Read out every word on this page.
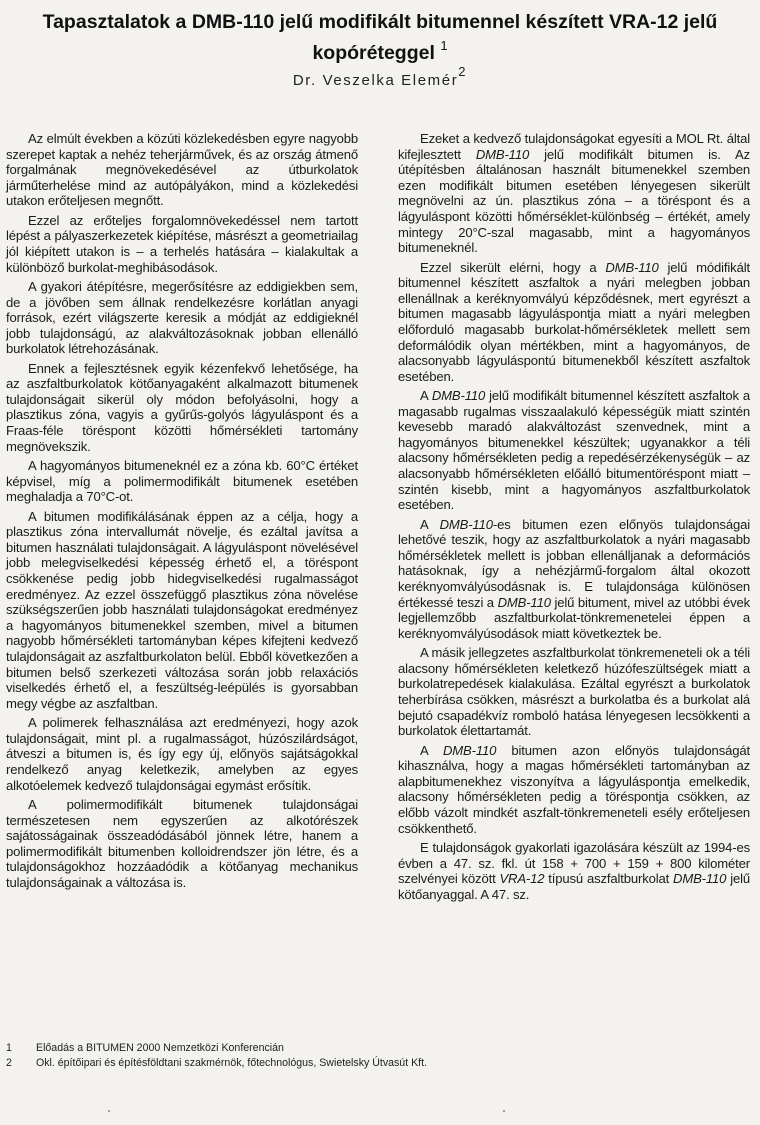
Tapasztalatok a DMB-110 jelű modifikált bitumennel készített VRA-12 jelű kopóréteggel $^1$
Dr. Veszelka Elemér$^2$

Az elmúlt években a közúti közlekedésben egyre nagyobb szerepet kaptak a nehéz teherjárművek, és az ország átmenő forgalmának megnövekedésével az útburkolatok járműterhelése mind az autópályákon, mind a közlekedési utakon erőteljesen megnőtt.

Ezzel az erőteljes forgalomnövekedéssel nem tartott lépést a pályaszerkezetek kiépítése, másrészt a geometriailag jól kiépített utakon is – a terhelés hatására – kialakultak a különböző burkolat-meghibásodások.

A gyakori átépítésre, megerősítésre az eddigiekben sem, de a jövőben sem állnak rendelkezésre korlátlan anyagi források, ezért világszerte keresik a módját az eddigieknél jobb tulajdonságú, az alakváltozásoknak jobban ellenálló burkolatok létrehozásának.

Ennek a fejlesztésnek egyik kézenfekvő lehetősége, ha az aszfaltburkolatok kötőanyagaként alkalmazott bitumenek tulajdonságait sikerül oly módon befolyásolni, hogy a plasztikus zóna, vagyis a gyűrűs-golyós lágyuláspont és a Fraas-féle töréspont közötti hőmérsékleti tartomány megnövekszik.

A hagyományos bitumeneknél ez a zóna kb. 60°C értéket képvisel, míg a polimermodifikált bitumenek esetében meghaladja a 70°C-ot.

A bitumen modifikálásának éppen az a célja, hogy a plasztikus zóna intervallumát növelje, és ezáltal javítsa a bitumen használati tulajdonságait. A lágyuláspont növelésével jobb melegviselkedési képesség érhető el, a töréspont csökkenése pedig jobb hidegviselkedési rugalmasságot eredményez. Az ezzel összefüggő plasztikus zóna növelése szükségszerűen jobb használati tulajdonságokat eredményez a hagyományos bitumenekkel szemben, mivel a bitumen nagyobb hőmérsékleti tartományban képes kifejteni kedvező tulajdonságait az aszfaltburkolaton belül. Ebből következően a bitumen belső szerkezeti változása során jobb relaxációs viselkedés érhető el, a feszültség-leépülés is gyorsabban megy végbe az aszfaltban.

A polimerek felhasználása azt eredményezi, hogy azok tulajdonságait, mint pl. a rugalmasságot, húzószilárdságot, átveszi a bitumen is, és így egy új, előnyös sajátságokkal rendelkező anyag keletkezik, amelyben az egyes alkotóelemek kedvező tulajdonságai egymást erősítik.

A polimermodifikált bitumenek tulajdonságai természetesen nem egyszerűen az alkotórészek sajátosságainak összeadódásából jönnek létre, hanem a polimermodifikált bitumenben kolloidrendszer jön létre, és a tulajdonságokhoz hozzáadódik a kötőanyag mechanikus tulajdonságainak a változása is.

Ezeket a kedvező tulajdonságokat egyesíti a MOL Rt. által kifejlesztett DMB-110 jelű modifikált bitumen is. Az útépítésben általánosan használt bitumenekkel szemben ezen modifikált bitumen esetében lényegesen sikerült megnövelni az ún. plasztikus zóna – a töréspont és a lágyuláspont közötti hőmérséklet-különbség – értékét, amely mintegy 20°C-szal magasabb, mint a hagyományos bitumeneknél.

Ezzel sikerült elérni, hogy a DMB-110 jelű módifikált bitumennel készített aszfaltok a nyári melegben jobban ellenállnak a keréknyomvályú képződésnek, mert egyrészt a bitumen magasabb lágyuláspontja miatt a nyári melegben előforduló magasabb burkolat-hőmérsékletek mellett sem deformálódik olyan mértékben, mint a hagyományos, de alacsonyabb lágyuláspontú bitumenekből készített aszfaltok esetében.

A DMB-110 jelű modifikált bitumennel készített aszfaltok a magasabb rugalmas visszaalakuló képességük miatt szintén kevesebb maradó alakváltozást szenvednek, mint a hagyományos bitumenekkel készültek; ugyanakkor a téli alacsony hőmérsékleten pedig a repedésérzékenységük – az alacsonyabb hőmérsékleten előálló bitumentöréspont miatt – szintén kisebb, mint a hagyományos aszfaltburkolatok esetében.

A DMB-110-es bitumen ezen előnyös tulajdonságai lehetővé teszik, hogy az aszfaltburkolatok a nyári magasabb hőmérsékletek mellett is jobban ellenálljanak a deformációs hatásoknak, így a nehézjármű-forgalom által okozott keréknyomvályúsodásnak is. E tulajdonsága különösen értékessé teszi a DMB-110 jelű bitument, mivel az utóbbi évek legjellemzőbb aszfaltburkolat-tönkremenetelei éppen a keréknyomvályúsodások miatt következtek be.

A másik jellegzetes aszfaltburkolat tönkremeneteli ok a téli alacsony hőmérsékleten keletkező húzófeszültségek miatt a burkolatrepedések kialakulása. Ezáltal egyrészt a burkolatok teherbírása csökken, másrészt a burkolatba és a burkolat alá bejutó csapadékvíz romboló hatása lényegesen lecsökkenti a burkolatok élettartamát.

A DMB-110 bitumen azon előnyös tulajdonságát kihasználva, hogy a magas hőmérsékleti tartományban az alapbitumenekhez viszonyítva a lágyuláspontja emelkedik, alacsony hőmérsékleten pedig a töréspontja csökken, az előbb vázolt mindkét aszfalt-tönkremeneteli esély erőteljesen csökkenthető.

E tulajdonságok gyakorlati igazolására készült az 1994-es évben a 47. sz. fkl. út 158 + 700 + 159 + 800 kilométer szelvényei között VRA-12 típusú aszfaltburkolat DMB-110 jelű kötőanyaggal. A 47. sz.

1	Előadás a BITUMEN 2000 Nemzetközi Konferencián
2	Okl. építőipari és építésföldtani szakmérnök, főtechnológus, Swietelsky Útvasút Kft.
